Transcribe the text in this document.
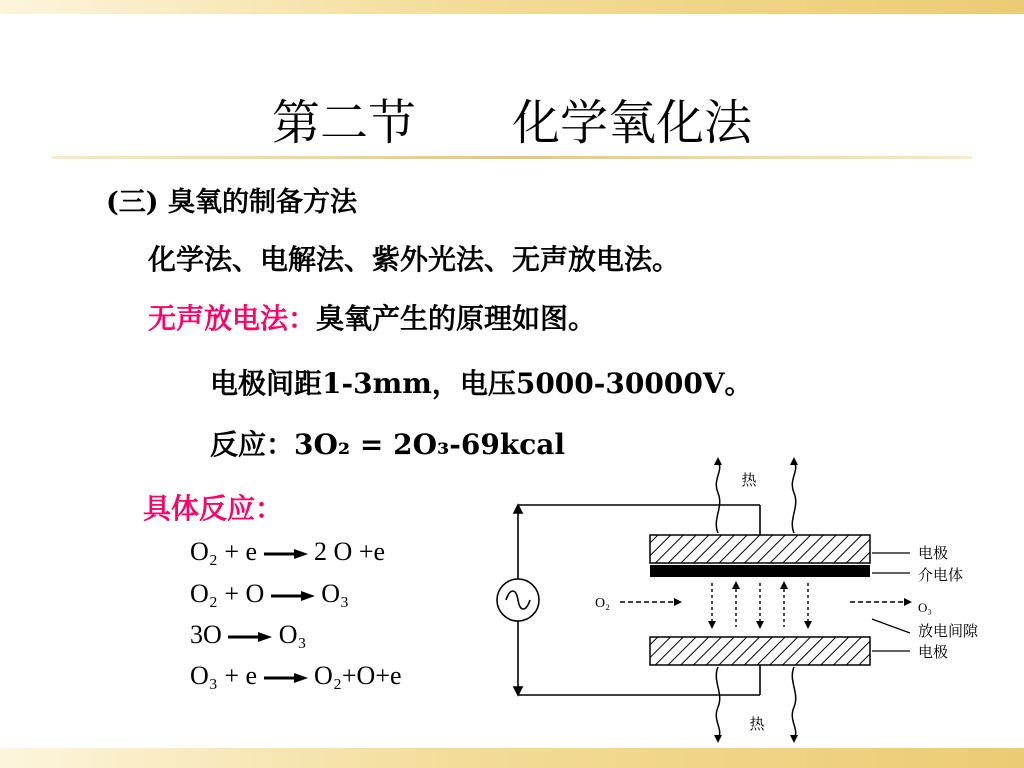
第二节　　化学氧化法
(三) 臭氧的制备方法
化学法、电解法、紫外光法、无声放电法。
无声放电法：臭氧产生的原理如图。
电极间距1-3mm，电压5000-30000V。
反应：3O₂ = 2O₃-69kcal
具体反应：
O₂ + e → 2 O +e
O₂ + O → O₃
3O → O₃
O₃ + e → O₂+O+e
O₂
热
热
电极
介电体
O₃
放电间隙
电极
